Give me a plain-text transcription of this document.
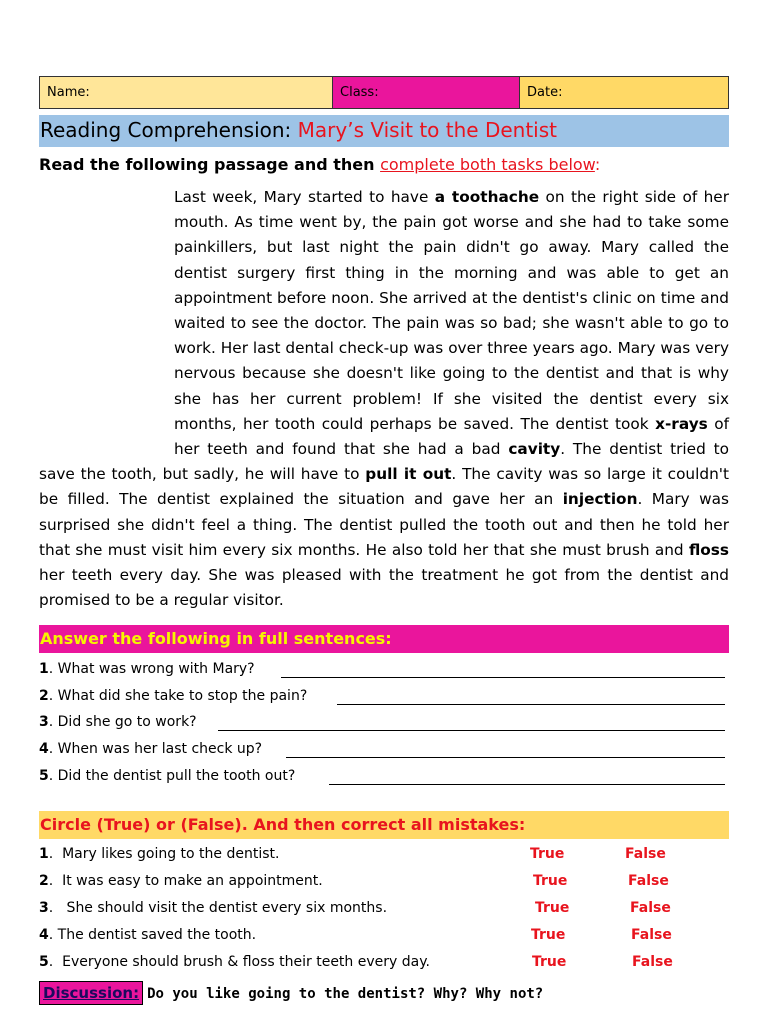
Name:	Class:	Date:
Reading Comprehension: Mary’s Visit to the Dentist
Read the following passage and then complete both tasks below:
Last week, Mary started to have a toothache on the right side of her mouth. As time went by, the pain got worse and she had to take some painkillers, but last night the pain didn't go away. Mary called the dentist surgery first thing in the morning and was able to get an appointment before noon. She arrived at the dentist's clinic on time and waited to see the doctor. The pain was so bad; she wasn't able to go to work. Her last dental check-up was over three years ago. Mary was very nervous because she doesn't like going to the dentist and that is why she has her current problem! If she visited the dentist every six months, her tooth could perhaps be saved. The dentist took x-rays of her teeth and found that she had a bad cavity. The dentist tried to save the tooth, but sadly, he will have to pull it out. The cavity was so large it couldn't be filled. The dentist explained the situation and gave her an injection. Mary was surprised she didn't feel a thing. The dentist pulled the tooth out and then he told her that she must visit him every six months. He also told her that she must brush and floss her teeth every day. She was pleased with the treatment he got from the dentist and promised to be a regular visitor.
Answer the following in full sentences:
1. What was wrong with Mary?
2. What did she take to stop the pain?
3. Did she go to work?
4. When was her last check up?
5. Did the dentist pull the tooth out?
Circle (True) or (False). And then correct all mistakes:
1.  Mary likes going to the dentist.	True	False
2.  It was easy to make an appointment.	True	False
3.   She should visit the dentist every six months.	True	False
4. The dentist saved the tooth.	True	False
5.  Everyone should brush & floss their teeth every day.	True	False
Discussion: Do you like going to the dentist? Why? Why not?
